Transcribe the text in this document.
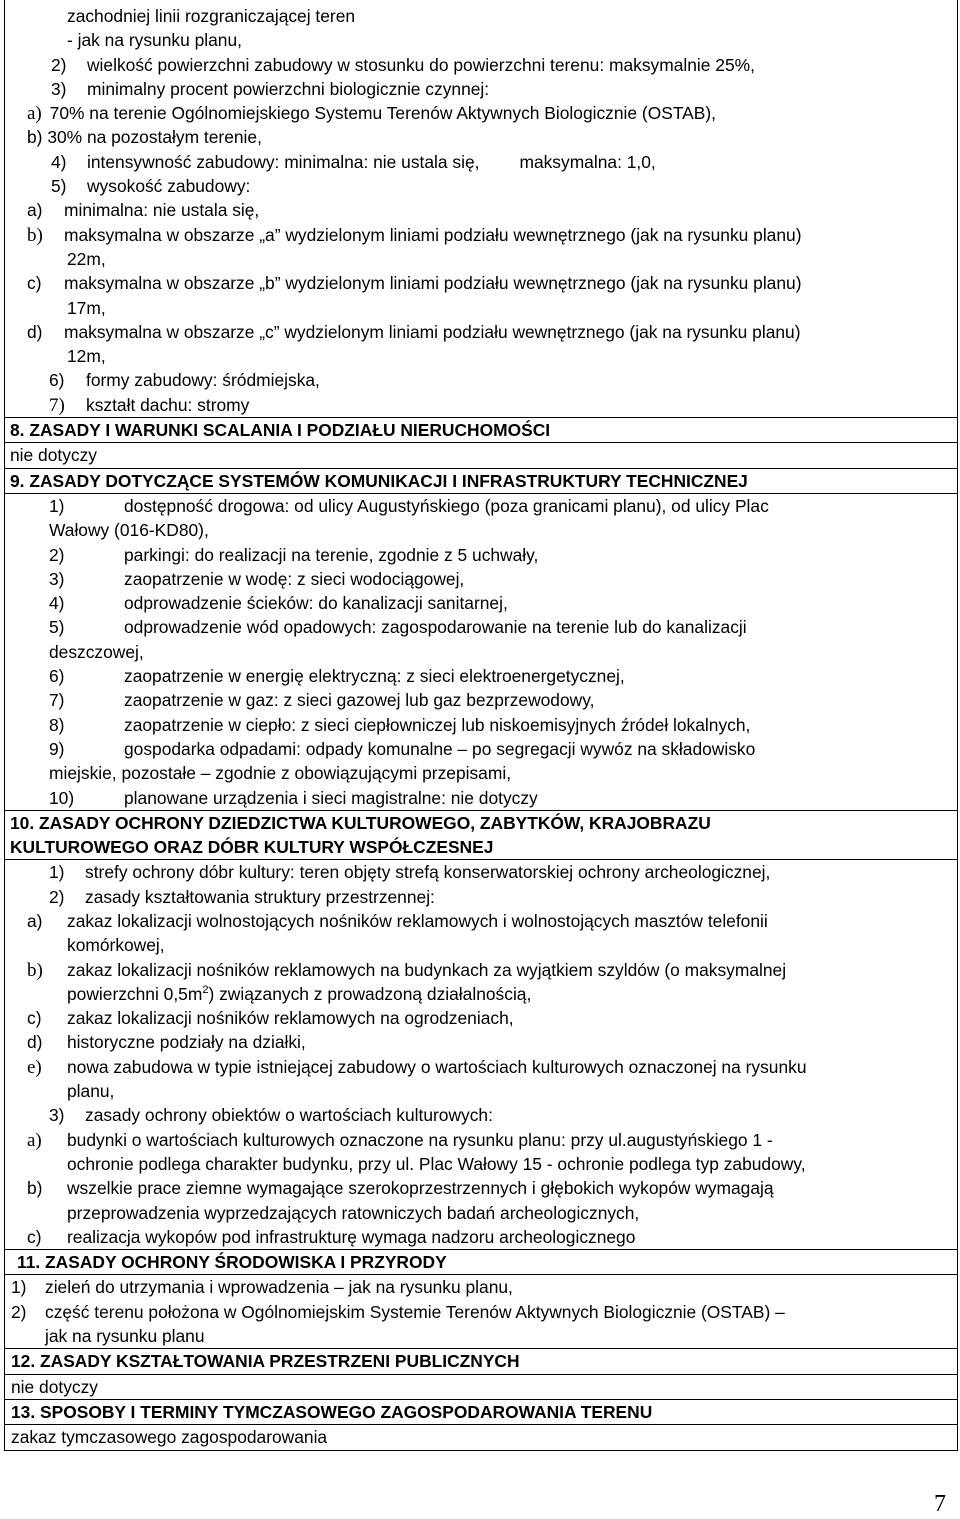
zachodniej linii rozgraniczającej teren
- jak na rysunku planu,
2) wielkość powierzchni zabudowy w stosunku do powierzchni terenu: maksymalnie 25%,
3) minimalny procent powierzchni biologicznie czynnej:
a) 70% na terenie Ogólnomiejskiego Systemu Terenów Aktywnych Biologicznie (OSTAB),
b) 30% na pozostałym terenie,
4) intensywność zabudowy: minimalna: nie ustala się, maksymalna: 1,0,
5) wysokość zabudowy:
a) minimalna: nie ustala się,
b) maksymalna w obszarze „a” wydzielonym liniami podziału wewnętrznego (jak na rysunku planu)
22m,
c) maksymalna w obszarze „b” wydzielonym liniami podziału wewnętrznego (jak na rysunku planu)
17m,
d) maksymalna w obszarze „c” wydzielonym liniami podziału wewnętrznego (jak na rysunku planu)
12m,
6) formy zabudowy: śródmiejska,
7) kształt dachu: stromy
8. ZASADY I WARUNKI SCALANIA I PODZIAŁU NIERUCHOMOŚCI
nie dotyczy
9. ZASADY DOTYCZĄCE SYSTEMÓW KOMUNIKACJI I INFRASTRUKTURY TECHNICZNEJ
1)	dostępność drogowa: od ulicy Augustyńskiego (poza granicami planu), od ulicy Plac
Wałowy (016-KD80),
2)	parkingi: do realizacji na terenie, zgodnie z 5 uchwały,
3)	zaopatrzenie w wodę: z sieci wodociągowej,
4)	odprowadzenie ścieków: do kanalizacji sanitarnej,
5)	odprowadzenie wód opadowych: zagospodarowanie na terenie lub do kanalizacji
deszczowej,
6)	zaopatrzenie w energię elektryczną: z sieci elektroenergetycznej,
7)	zaopatrzenie w gaz: z sieci gazowej lub gaz bezprzewodowy,
8)	zaopatrzenie w ciepło: z sieci ciepłowniczej lub niskoemisyjnych źródeł lokalnych,
9)	gospodarka odpadami: odpady komunalne – po segregacji wywóz na składowisko
miejskie, pozostałe – zgodnie z obowiązującymi przepisami,
10)	planowane urządzenia i sieci magistralne: nie dotyczy
10. ZASADY OCHRONY DZIEDZICTWA KULTUROWEGO, ZABYTKÓW, KRAJOBRAZU
KULTUROWEGO ORAZ DÓBR KULTURY WSPÓŁCZESNEJ
1) strefy ochrony dóbr kultury: teren objęty strefą konserwatorskiej ochrony archeologicznej,
2) zasady kształtowania struktury przestrzennej:
a) zakaz lokalizacji wolnostojących nośników reklamowych i wolnostojących masztów telefonii
komórkowej,
b) zakaz lokalizacji nośników reklamowych na budynkach za wyjątkiem szyldów (o maksymalnej
powierzchni $0,5m^2$) związanych z prowadzoną działalnością,
c) zakaz lokalizacji nośników reklamowych na ogrodzeniach,
d) historyczne podziały na działki,
e) nowa zabudowa w typie istniejącej zabudowy o wartościach kulturowych oznaczonej na rysunku
planu,
3) zasady ochrony obiektów o wartościach kulturowych:
a) budynki o wartościach kulturowych oznaczone na rysunku planu: przy ul.augustyńskiego 1 -
ochronie podlega charakter budynku, przy ul. Plac Wałowy 15 - ochronie podlega typ zabudowy,
b) wszelkie prace ziemne wymagające szerokoprzestrzennych i głębokich wykopów wymagają
przeprowadzenia wyprzedzających ratowniczych badań archeologicznych,
c) realizacja wykopów pod infrastrukturę wymaga nadzoru archeologicznego
11. ZASADY OCHRONY ŚRODOWISKA I PRZYRODY
1) zieleń do utrzymania i wprowadzenia – jak na rysunku planu,
2) część terenu położona w Ogólnomiejskim Systemie Terenów Aktywnych Biologicznie (OSTAB) –
jak na rysunku planu
12. ZASADY KSZTAŁTOWANIA PRZESTRZENI PUBLICZNYCH
nie dotyczy
13. SPOSOBY I TERMINY TYMCZASOWEGO ZAGOSPODAROWANIA TERENU
zakaz tymczasowego zagospodarowania
7
